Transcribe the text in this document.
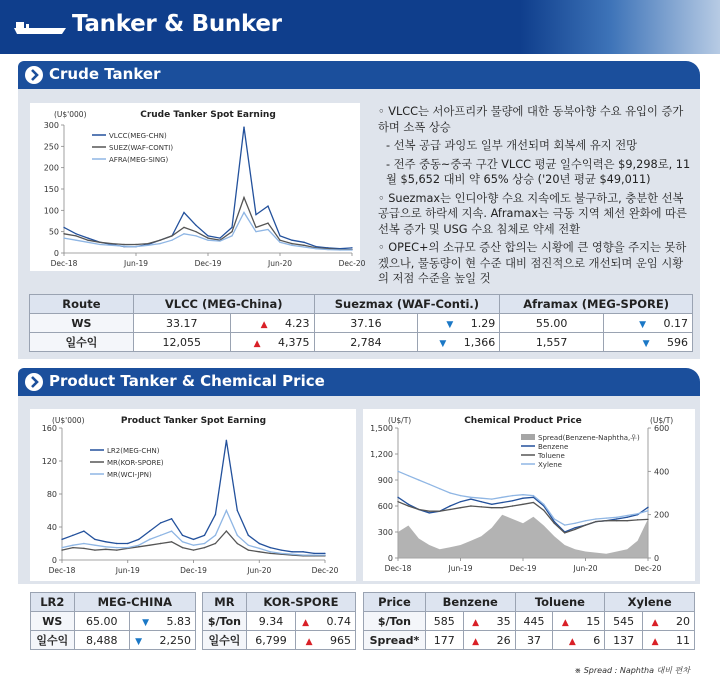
Tanker & Bunker
Crude Tanker
Crude Tanker Spot Earning
(U$'000)
0
50
100
150
200
250
300
Dec-18	Jun-19	Dec-19	Jun-20	Dec-20
VLCC(MEG-CHN)
SUEZ(WAF-CONTI)
AFRA(MEG-SING)

◦ VLCC는 서아프리카 물량에 대한 동북아향 수요 유입이 증가하며 소폭 상승

- 선복 공급 과잉도 일부 개선되며 회복세 유지 전망

- 전주 중동~중국 구간 VLCC 평균 일수익력은 $9,298로, 11월 $5,652 대비 약 65% 상승 ('20년 평균 $49,011)

◦ Suezmax는 인디아향 수요 지속에도 불구하고, 충분한 선복 공급으로 하락세 지속. Aframax는 극동 지역 체선 완화에 따른 선복 증가 및 USG 수요 침체로 약세 전환

◦ OPEC+의 소규모 증산 합의는 시황에 큰 영향을 주지는 못하겠으나, 물동량이 현 수준 대비 점진적으로 개선되며 운임 시황의 저점 수준을 높일 것

Route	VLCC (MEG-China)		Suezmax (WAF-Conti.)		Aframax (MEG-SPORE)	
WS	33.17	▲ 4.23	37.16	▼ 1.29	55.00	▼ 0.17
일수익	12,055	▲ 4,375	2,784	▼ 1,366	1,557	▼ 596
Product Tanker & Chemical Price
Product Tanker Spot Earning
(U$'000)
0
40
80
120
160
Dec-18	Jun-19	Dec-19	Jun-20	Dec-20
LR2(MEG-CHN)
MR(KOR-SPORE)
MR(WCI-JPN)
Chemical Product Price
(U$/T)	(U$/T)
0
300
600
900
1,200
1,500
0
200
400
600
Dec-18	Jun-19	Dec-19	Jun-20	Dec-20
Spread(Benzene-Naphtha,우)
Benzene
Toluene
Xylene
LR2	MEG-CHINA	
WS	65.00	▼ 5.83
일수익	8,488	▼ 2,250
MR	KOR-SPORE	
$/Ton	9.34	▲ 0.74
일수익	6,799	▲ 965
Price	Benzene		Toluene		Xylene	
$/Ton	585	▲ 35	445	▲ 15	545	▲ 20
Spread*	177	▲ 26	37	▲ 6	137	▲ 11
※ Spread : Naphtha 대비 편차
